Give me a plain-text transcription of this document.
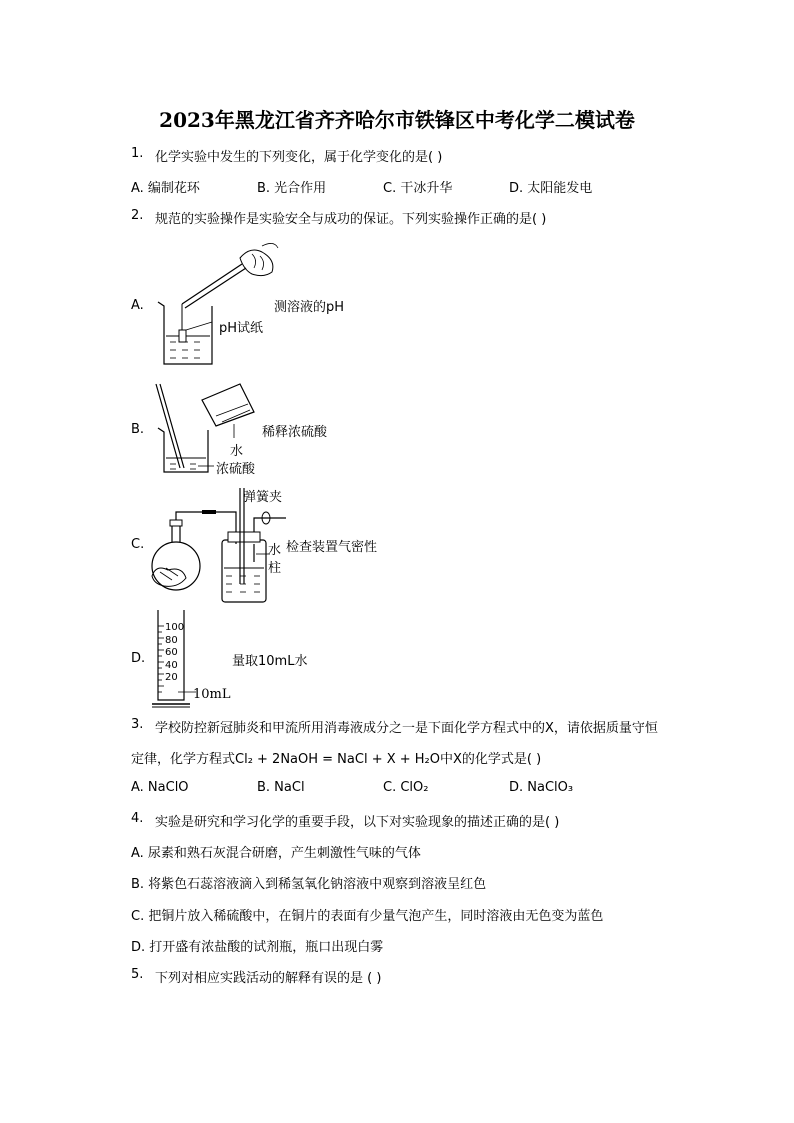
2023年黑龙江省齐齐哈尔市铁锋区中考化学二模试卷
1. 化学实验中发生的下列变化，属于化学变化的是( )
A. 编制花环	B. 光合作用	C. 干冰升华	D. 太阳能发电
2. 规范的实验操作是实验安全与成功的保证。下列实验操作正确的是( )
A.	测溶液的pH
pH试纸
B.	稀释浓硫酸
水
浓硫酸
C.
弹簧夹
检查装置气密性
水
柱
D.
100
80
60
40
20
量取10mL水
10mL
3. 学校防控新冠肺炎和甲流所用消毒液成分之一是下面化学方程式中的X，请依据质量守恒
定律，化学方程式Cl₂ + 2NaOH = NaCl + X + H₂O中X的化学式是( )
A. NaClO	B. NaCl	C. ClO₂	D. NaClO₃
4. 实验是研究和学习化学的重要手段，以下对实验现象的描述正确的是( )
A. 尿素和熟石灰混合研磨，产生刺激性气味的气体
B. 将紫色石蕊溶液滴入到稀氢氧化钠溶液中观察到溶液呈红色
C. 把铜片放入稀硫酸中，在铜片的表面有少量气泡产生，同时溶液由无色变为蓝色
D. 打开盛有浓盐酸的试剂瓶，瓶口出现白雾
5. 下列对相应实践活动的解释有误的是 ( )
